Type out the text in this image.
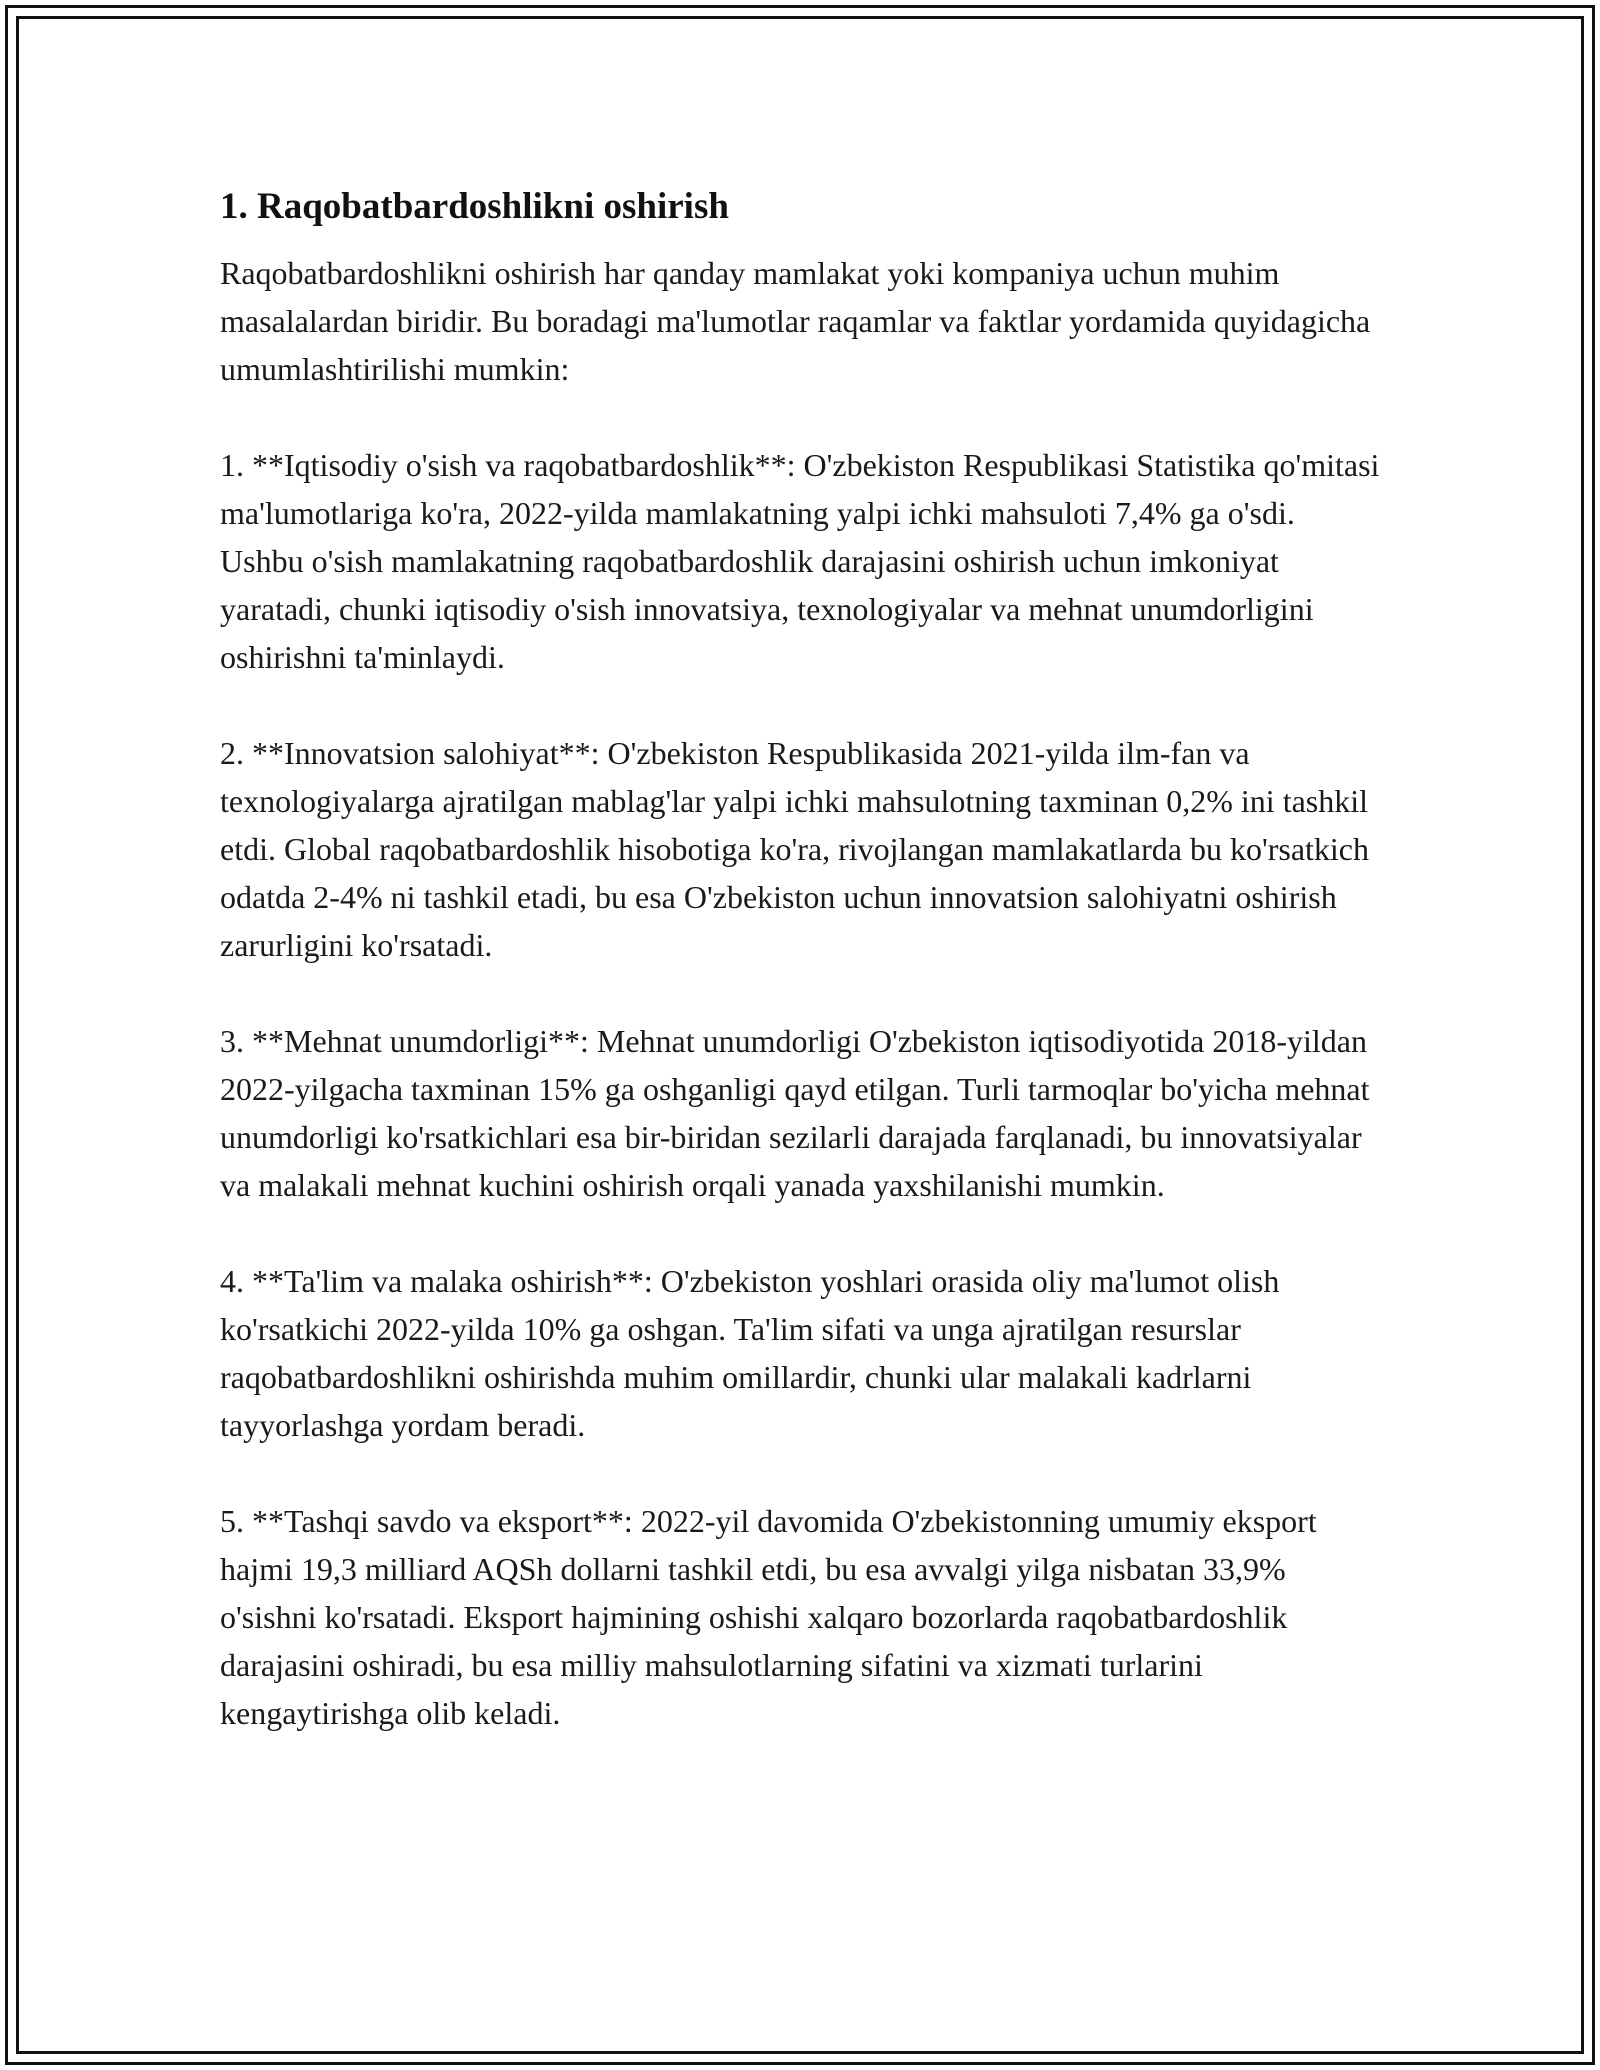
1. Raqobatbardoshlikni oshirish

Raqobatbardoshlikni oshirish har qanday mamlakat yoki kompaniya uchun muhim masalalardan biridir. Bu boradagi ma'lumotlar raqamlar va faktlar yordamida quyidagicha umumlashtirilishi mumkin:

1. **Iqtisodiy o'sish va raqobatbardoshlik**: O'zbekiston Respublikasi Statistika qo'mitasi ma'lumotlariga ko'ra, 2022-yilda mamlakatning yalpi ichki mahsuloti 7,4% ga o'sdi. Ushbu o'sish mamlakatning raqobatbardoshlik darajasini oshirish uchun imkoniyat yaratadi, chunki iqtisodiy o'sish innovatsiya, texnologiyalar va mehnat unumdorligini oshirishni ta'minlaydi.

2. **Innovatsion salohiyat**: O'zbekiston Respublikasida 2021-yilda ilm-fan va texnologiyalarga ajratilgan mablag'lar yalpi ichki mahsulotning taxminan 0,2% ini tashkil etdi. Global raqobatbardoshlik hisobotiga ko'ra, rivojlangan mamlakatlarda bu ko'rsatkich odatda 2-4% ni tashkil etadi, bu esa O'zbekiston uchun innovatsion salohiyatni oshirish zarurligini ko'rsatadi.

3. **Mehnat unumdorligi**: Mehnat unumdorligi O'zbekiston iqtisodiyotida 2018-yildan 2022-yilgacha taxminan 15% ga oshganligi qayd etilgan. Turli tarmoqlar bo'yicha mehnat unumdorligi ko'rsatkichlari esa bir-biridan sezilarli darajada farqlanadi, bu innovatsiyalar va malakali mehnat kuchini oshirish orqali yanada yaxshilanishi mumkin.

4. **Ta'lim va malaka oshirish**: O'zbekiston yoshlari orasida oliy ma'lumot olish ko'rsatkichi 2022-yilda 10% ga oshgan. Ta'lim sifati va unga ajratilgan resurslar raqobatbardoshlikni oshirishda muhim omillardir, chunki ular malakali kadrlarni tayyorlashga yordam beradi.

5. **Tashqi savdo va eksport**: 2022-yil davomida O'zbekistonning umumiy eksport hajmi 19,3 milliard AQSh dollarni tashkil etdi, bu esa avvalgi yilga nisbatan 33,9% o'sishni ko'rsatadi. Eksport hajmining oshishi xalqaro bozorlarda raqobatbardoshlik darajasini oshiradi, bu esa milliy mahsulotlarning sifatini va xizmati turlarini kengaytirishga olib keladi.
